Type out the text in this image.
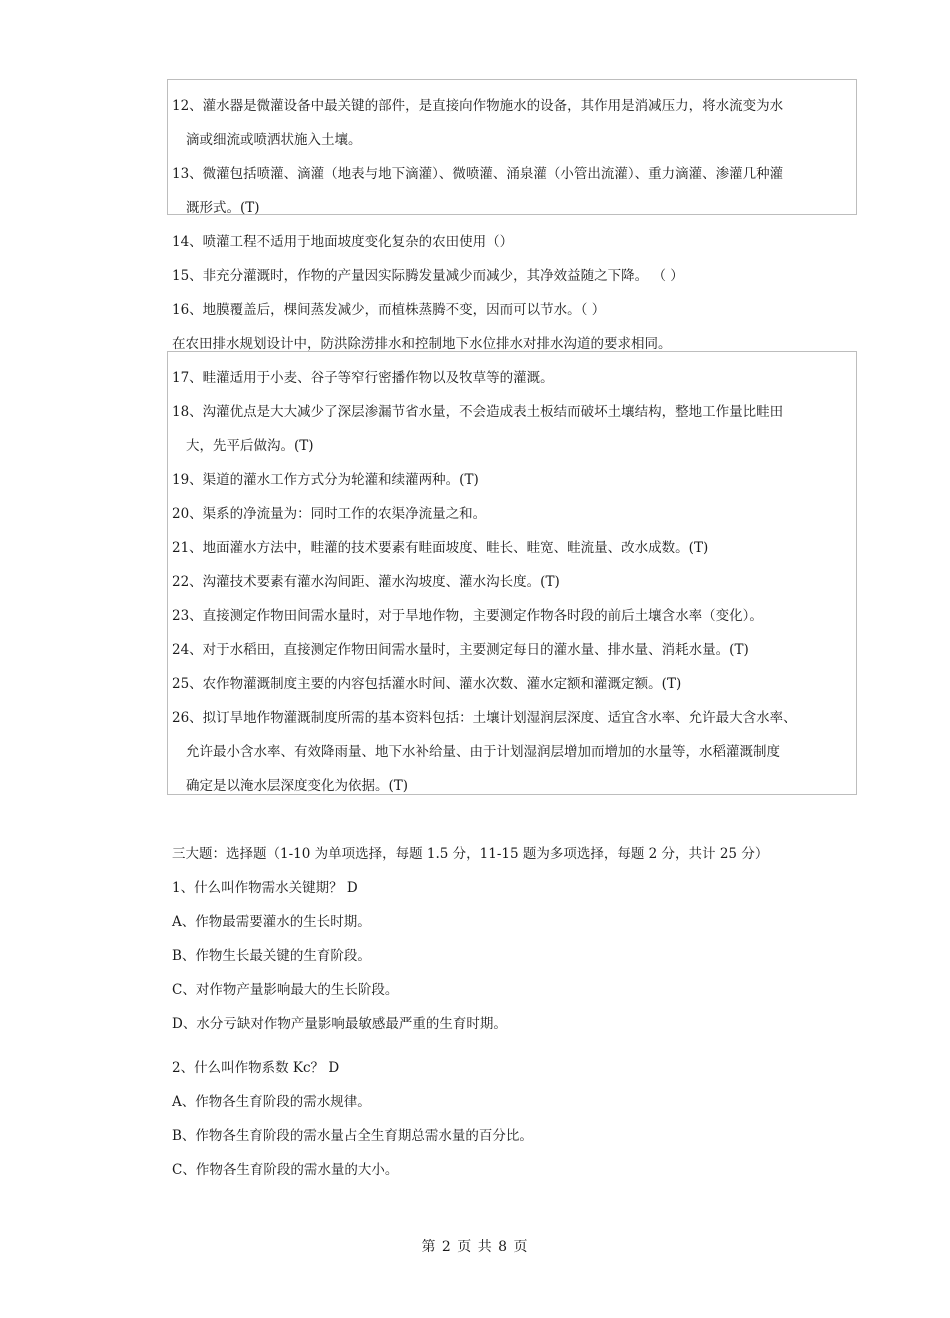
12、灌水器是微灌设备中最关键的部件，是直接向作物施水的设备，其作用是消减压力，将水流变为水
滴或细流或喷洒状施入土壤。
13、微灌包括喷灌、滴灌（地表与地下滴灌）、微喷灌、涌泉灌（小管出流灌）、重力滴灌、渗灌几种灌
溉形式。(T)
14、喷灌工程不适用于地面坡度变化复杂的农田使用（）
15、非充分灌溉时，作物的产量因实际腾发量减少而减少，其净效益随之下降。 （ ）
16、地膜覆盖后，棵间蒸发减少，而植株蒸腾不变，因而可以节水。（ ）
在农田排水规划设计中，防洪除涝排水和控制地下水位排水对排水沟道的要求相同。
17、畦灌适用于小麦、谷子等窄行密播作物以及牧草等的灌溉。
18、沟灌优点是大大减少了深层渗漏节省水量，不会造成表土板结而破坏土壤结构，整地工作量比畦田
大，先平后做沟。(T)
19、渠道的灌水工作方式分为轮灌和续灌两种。(T)
20、渠系的净流量为：同时工作的农渠净流量之和。
21、地面灌水方法中，畦灌的技术要素有畦面坡度、畦长、畦宽、畦流量、改水成数。(T)
22、沟灌技术要素有灌水沟间距、灌水沟坡度、灌水沟长度。(T)
23、直接测定作物田间需水量时，对于旱地作物，主要测定作物各时段的前后土壤含水率（变化）。
24、对于水稻田，直接测定作物田间需水量时，主要测定每日的灌水量、排水量、消耗水量。(T)
25、农作物灌溉制度主要的内容包括灌水时间、灌水次数、灌水定额和灌溉定额。(T)
26、拟订旱地作物灌溉制度所需的基本资料包括：土壤计划湿润层深度、适宜含水率、允许最大含水率、
允许最小含水率、有效降雨量、地下水补给量、由于计划湿润层增加而增加的水量等，水稻灌溉制度
确定是以淹水层深度变化为依据。(T)
三大题：选择题（1-10 为单项选择，每题 1.5 分，11-15 题为多项选择，每题 2 分，共计 25 分）
1、什么叫作物需水关键期？ D
A、作物最需要灌水的生长时期。
B、作物生长最关键的生育阶段。
C、对作物产量影响最大的生长阶段。
D、水分亏缺对作物产量影响最敏感最严重的生育时期。
2、什么叫作物系数 Kc？ D
A、作物各生育阶段的需水规律。
B、作物各生育阶段的需水量占全生育期总需水量的百分比。
C、作物各生育阶段的需水量的大小。
第 2 页 共 8 页
